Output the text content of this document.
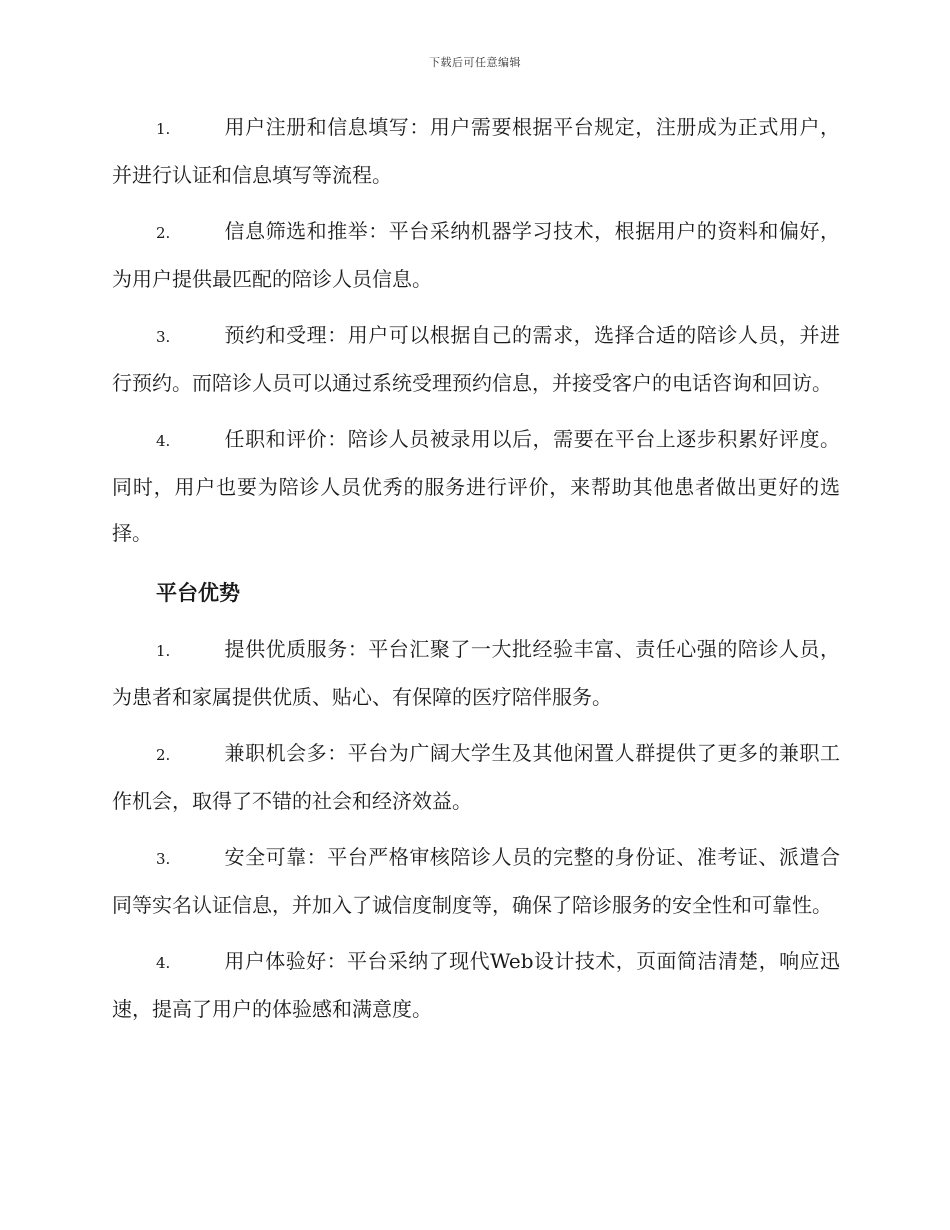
下载后可任意编辑

1.	用户注册和信息填写：用户需要根据平台规定，注册成为正式用户，并进行认证和信息填写等流程。

2.	信息筛选和推举：平台采纳机器学习技术，根据用户的资料和偏好，为用户提供最匹配的陪诊人员信息。

3.	预约和受理：用户可以根据自己的需求，选择合适的陪诊人员，并进行预约。而陪诊人员可以通过系统受理预约信息，并接受客户的电话咨询和回访。

4.	任职和评价：陪诊人员被录用以后，需要在平台上逐步积累好评度。同时，用户也要为陪诊人员优秀的服务进行评价，来帮助其他患者做出更好的选择。

平台优势

1.	提供优质服务：平台汇聚了一大批经验丰富、责任心强的陪诊人员，为患者和家属提供优质、贴心、有保障的医疗陪伴服务。

2.	兼职机会多：平台为广阔大学生及其他闲置人群提供了更多的兼职工作机会，取得了不错的社会和经济效益。

3.	安全可靠：平台严格审核陪诊人员的完整的身份证、准考证、派遣合同等实名认证信息，并加入了诚信度制度等，确保了陪诊服务的安全性和可靠性。

4.	用户体验好：平台采纳了现代Web设计技术，页面简洁清楚，响应迅速，提高了用户的体验感和满意度。
